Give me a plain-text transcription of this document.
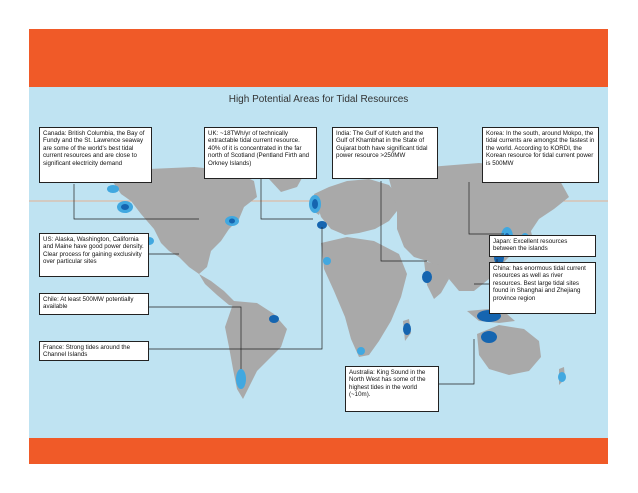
High Potential Areas for Tidal Resources
Canada: British Columbia, the Bay of Fundy and the St. Lawrence seaway are some of the world's best tidal current resources and are close to significant electricity demand
UK: ~18TWh/yr of technically extractable tidal current resource. 40% of it is concentrated in the far north of Scotland (Pentland Firth and Orkney Islands)
India: The Gulf of Kutch and the Gulf of Khambhat in the State of Gujarat both have significant tidal power resource >250MW
Korea: In the south, around Mokpo, the tidal currents are amongst the fastest in the world. According to KORDI, the Korean resource for tidal current power is 500MW
US: Alaska, Washington, California and Maine have good power density. Clear process for gaining exclusivity over particular sites
Japan: Excellent resources between the islands
China: has enormous tidal current resources as well as river resources. Best large tidal sites found in Shanghai and Zhejiang province region
Chile: At least 500MW potentially available
France: Strong tides around the Channel Islands
Australia: King Sound in the North West has some of the highest tides in the world (~10m).
